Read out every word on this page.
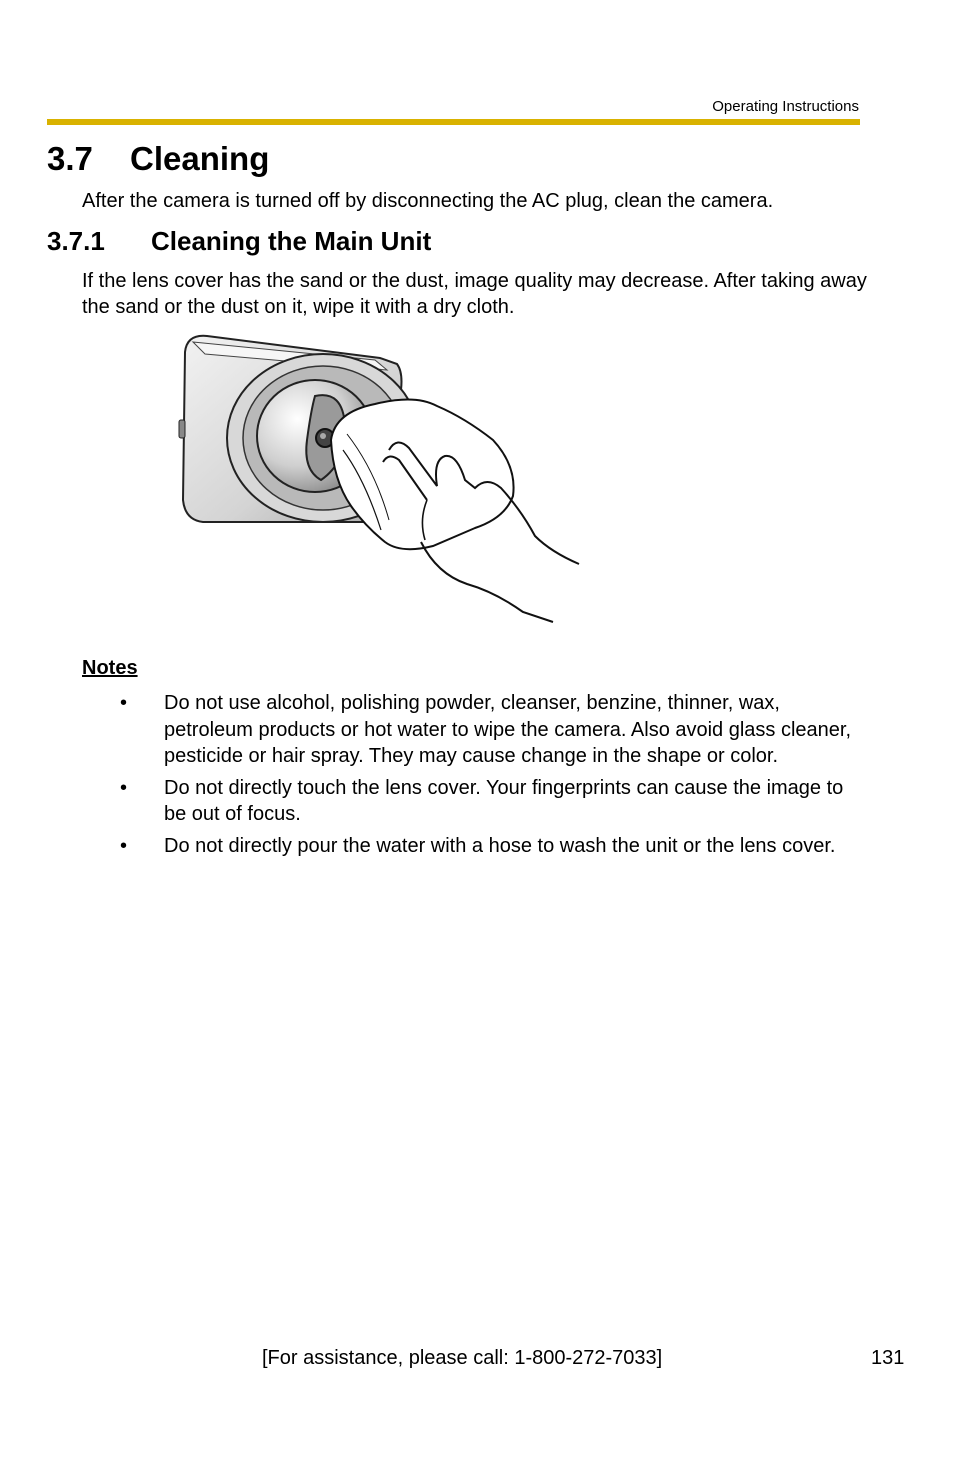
Operating Instructions
3.7 Cleaning

After the camera is turned off by disconnecting the AC plug, clean the camera.

3.7.1 Cleaning the Main Unit

If the lens cover has the sand or the dust, image quality may decrease. After taking away the sand or the dust on it, wipe it with a dry cloth.

Notes

• Do not use alcohol, polishing powder, cleanser, benzine, thinner, wax, petroleum products or hot water to wipe the camera. Also avoid glass cleaner, pesticide or hair spray. They may cause change in the shape or color.
• Do not directly touch the lens cover. Your fingerprints can cause the image to be out of focus.
• Do not directly pour the water with a hose to wash the unit or the lens cover.
[For assistance, please call: 1-800-272-7033]	131
